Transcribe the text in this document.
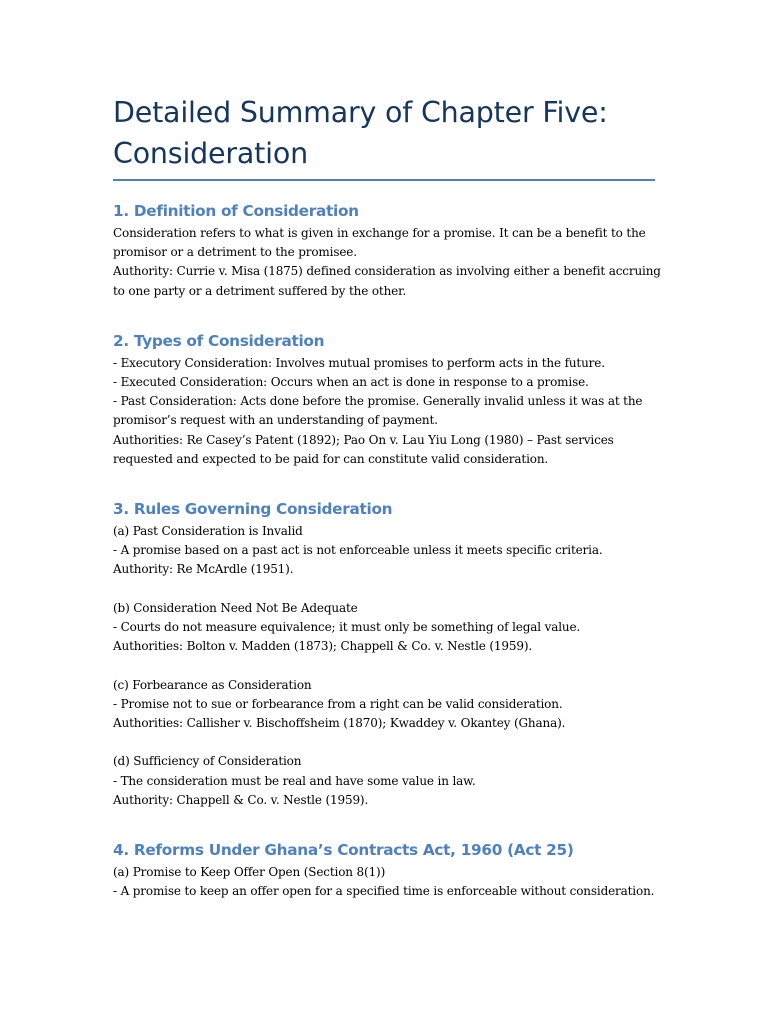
Detailed Summary of Chapter Five:
Consideration
1. Definition of Consideration
Consideration refers to what is given in exchange for a promise. It can be a benefit to the
promisor or a detriment to the promisee.
Authority: Currie v. Misa (1875) defined consideration as involving either a benefit accruing
to one party or a detriment suffered by the other.
2. Types of Consideration
- Executory Consideration: Involves mutual promises to perform acts in the future.
- Executed Consideration: Occurs when an act is done in response to a promise.
- Past Consideration: Acts done before the promise. Generally invalid unless it was at the
promisor’s request with an understanding of payment.
Authorities: Re Casey’s Patent (1892); Pao On v. Lau Yiu Long (1980) – Past services
requested and expected to be paid for can constitute valid consideration.
3. Rules Governing Consideration
(a) Past Consideration is Invalid
- A promise based on a past act is not enforceable unless it meets specific criteria.
Authority: Re McArdle (1951).
(b) Consideration Need Not Be Adequate
- Courts do not measure equivalence; it must only be something of legal value.
Authorities: Bolton v. Madden (1873); Chappell & Co. v. Nestle (1959).
(c) Forbearance as Consideration
- Promise not to sue or forbearance from a right can be valid consideration.
Authorities: Callisher v. Bischoffsheim (1870); Kwaddey v. Okantey (Ghana).
(d) Sufficiency of Consideration
- The consideration must be real and have some value in law.
Authority: Chappell & Co. v. Nestle (1959).
4. Reforms Under Ghana’s Contracts Act, 1960 (Act 25)
(a) Promise to Keep Offer Open (Section 8(1))
- A promise to keep an offer open for a specified time is enforceable without consideration.
